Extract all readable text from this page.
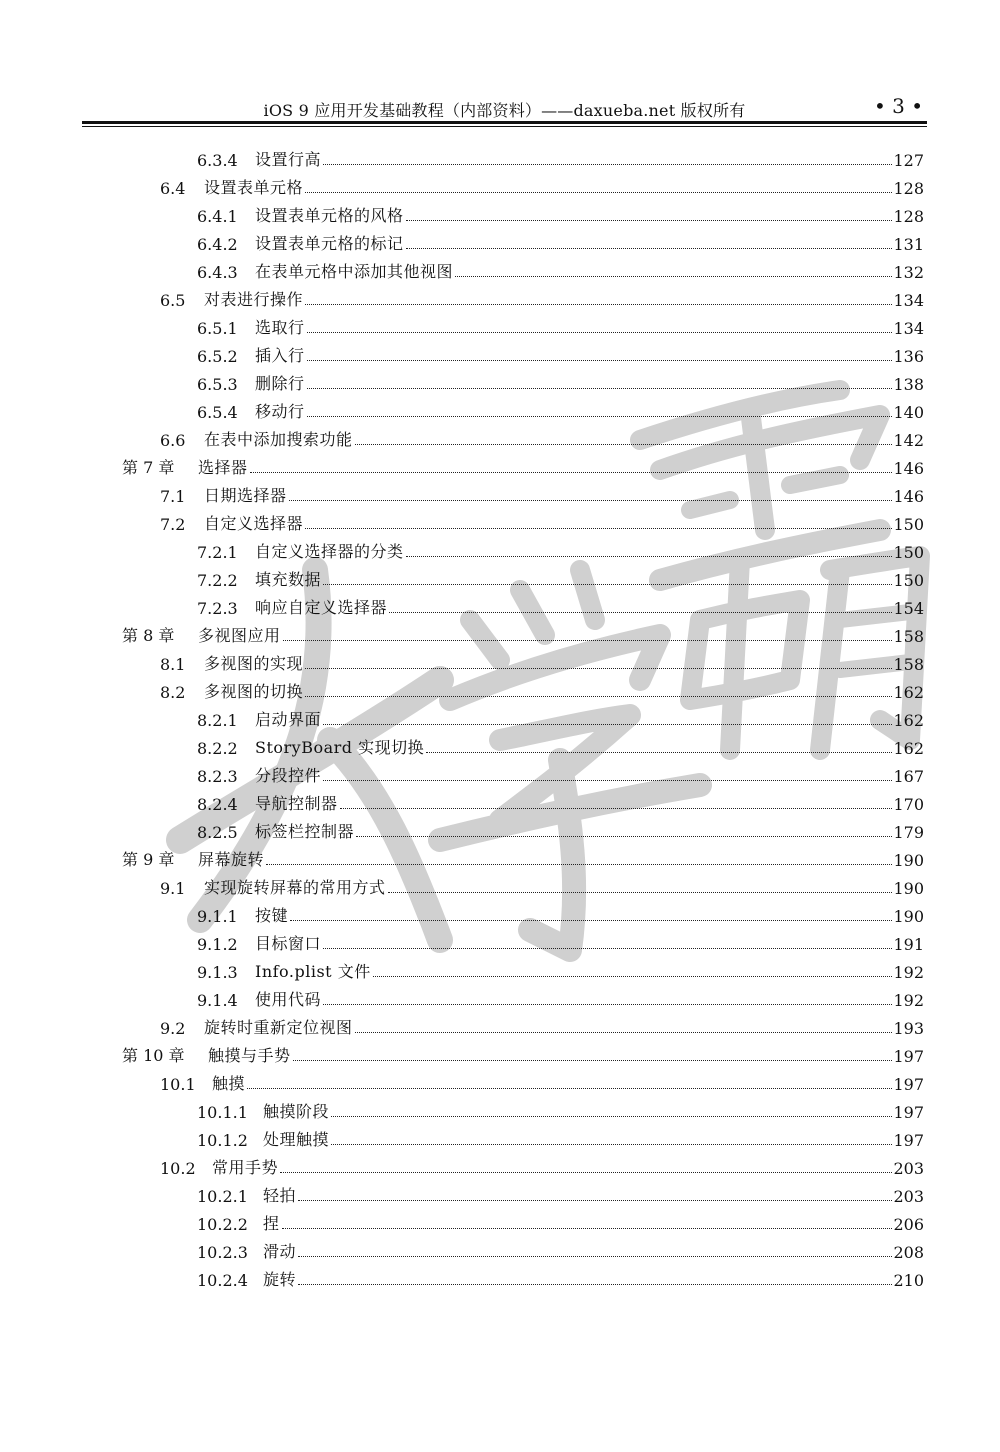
iOS 9 应用开发基础教程（内部资料）——daxueba.net 版权所有	• 3 •
6.3.4	设置行高	127
6.4	设置表单元格	128
6.4.1	设置表单元格的风格	128
6.4.2	设置表单元格的标记	131
6.4.3	在表单元格中添加其他视图	132
6.5	对表进行操作	134
6.5.1	选取行	134
6.5.2	插入行	136
6.5.3	删除行	138
6.5.4	移动行	140
6.6	在表中添加搜索功能	142
第 7 章	选择器	146
7.1	日期选择器	146
7.2	自定义选择器	150
7.2.1	自定义选择器的分类	150
7.2.2	填充数据	150
7.2.3	响应自定义选择器	154
第 8 章	多视图应用	158
8.1	多视图的实现	158
8.2	多视图的切换	162
8.2.1	启动界面	162
8.2.2	StoryBoard 实现切换	162
8.2.3	分段控件	167
8.2.4	导航控制器	170
8.2.5	标签栏控制器	179
第 9 章	屏幕旋转	190
9.1	实现旋转屏幕的常用方式	190
9.1.1	按键	190
9.1.2	目标窗口	191
9.1.3	Info.plist 文件	192
9.1.4	使用代码	192
9.2	旋转时重新定位视图	193
第 10 章	触摸与手势	197
10.1	触摸	197
10.1.1 触摸阶段	197
10.1.2 处理触摸	197
10.2	常用手势	203
10.2.1 轻拍	203
10.2.2 捏	206
10.2.3 滑动	208
10.2.4 旋转	210
